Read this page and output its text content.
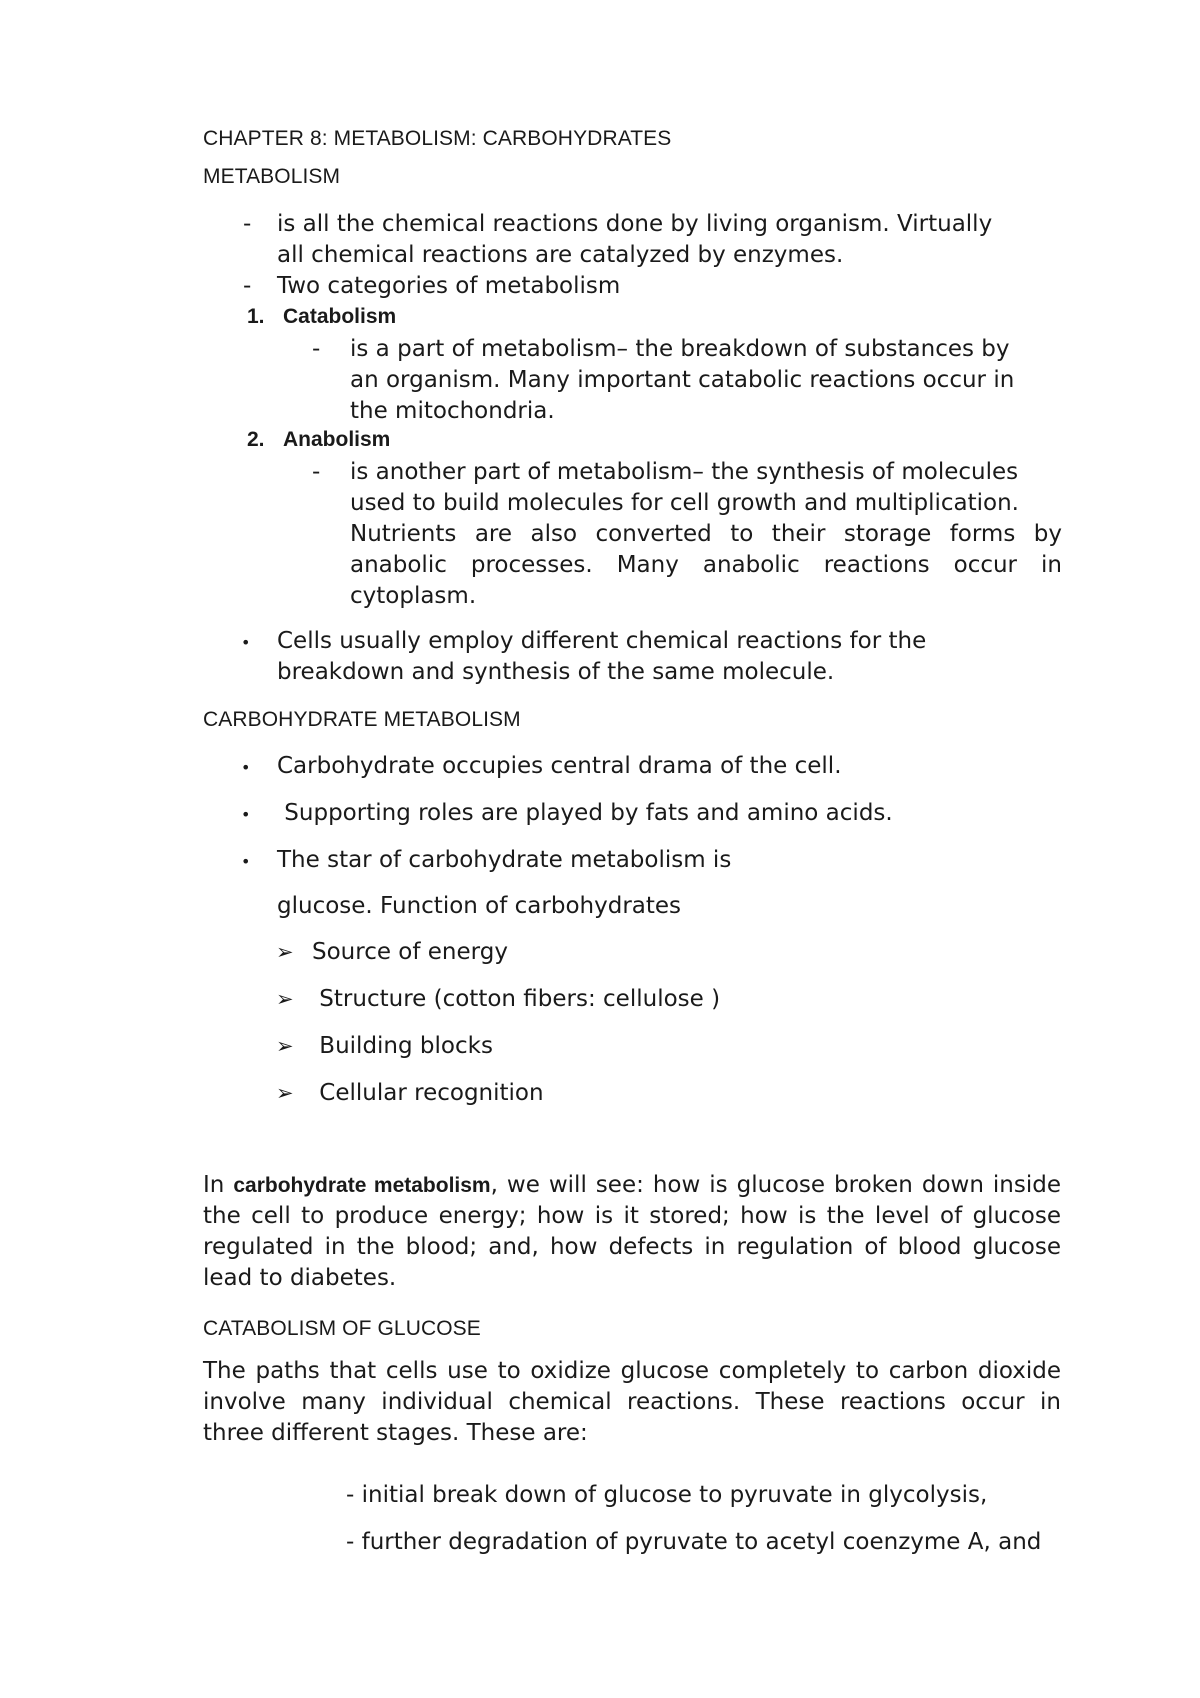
CHAPTER 8: METABOLISM: CARBOHYDRATES
METABOLISM
- is all the chemical reactions done by living organism. Virtually
all chemical reactions are catalyzed by enzymes.
- Two categories of metabolism
1. Catabolism
- is a part of metabolism– the breakdown of substances by
an organism. Many important catabolic reactions occur in
the mitochondria.
2. Anabolism
- is another part of metabolism– the synthesis of molecules
used to build molecules for cell growth and multiplication.
Nutrients are also converted to their storage forms by
anabolic processes. Many anabolic reactions occur in
cytoplasm.
• Cells usually employ different chemical reactions for the
breakdown and synthesis of the same molecule.
CARBOHYDRATE METABOLISM
• Carbohydrate occupies central drama of the cell.
• Supporting roles are played by fats and amino acids.
• The star of carbohydrate metabolism is
glucose. Function of carbohydrates
➢ Source of energy
➢ Structure (cotton fibers: cellulose )
➢ Building blocks
➢ Cellular recognition
In carbohydrate metabolism, we will see: how is glucose broken down inside the cell to produce energy; how is it stored; how is the level of glucose regulated in the blood; and, how defects in regulation of blood glucose lead to diabetes.
CATABOLISM OF GLUCOSE
The paths that cells use to oxidize glucose completely to carbon dioxide involve many individual chemical reactions. These reactions occur in three different stages. These are:
- initial break down of glucose to pyruvate in glycolysis,
- further degradation of pyruvate to acetyl coenzyme A, and
